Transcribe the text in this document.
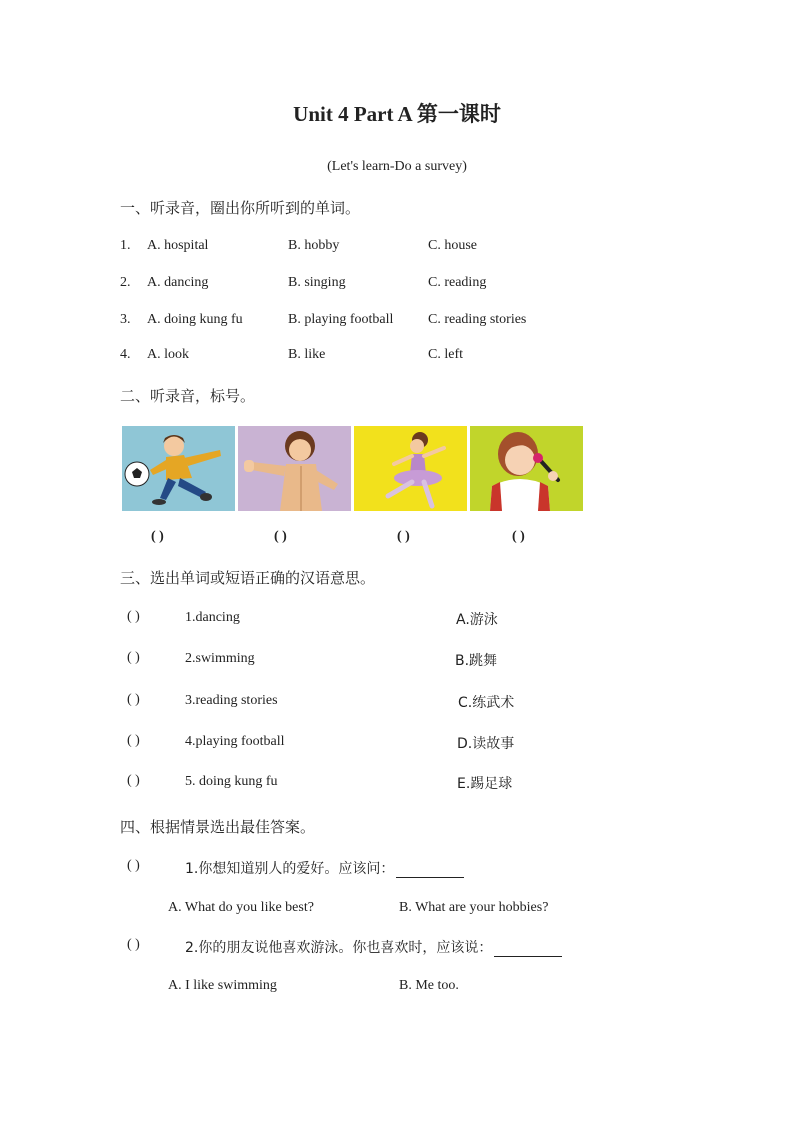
Unit 4 Part A 第一课时
(Let's learn-Do a survey)
一、听录音，圈出你所听到的单词。
1. A. hospital	B. hobby	C. house
2. A. dancing	B. singing	C. reading
3. A. doing kung fu	B. playing football C. reading stories
4. A. look	B. like	C. left
二、听录音，标号。
( )	( )	( )	( )
三、选出单词或短语正确的汉语意思。
( )	1.dancing	A.游泳
( )	2.swimming	B.跳舞
( )	3.reading stories	C.练武术
( )	4.playing football	D.读故事
( )	5. doing kung fu	E.踢足球
四、根据情景选出最佳答案。
( )	1.你想知道别人的爱好。应该问：
A. What do you like best?	B. What are your hobbies?
( )	2.你的朋友说他喜欢游泳。你也喜欢时，应该说：
A. I like swimming	B. Me too.
